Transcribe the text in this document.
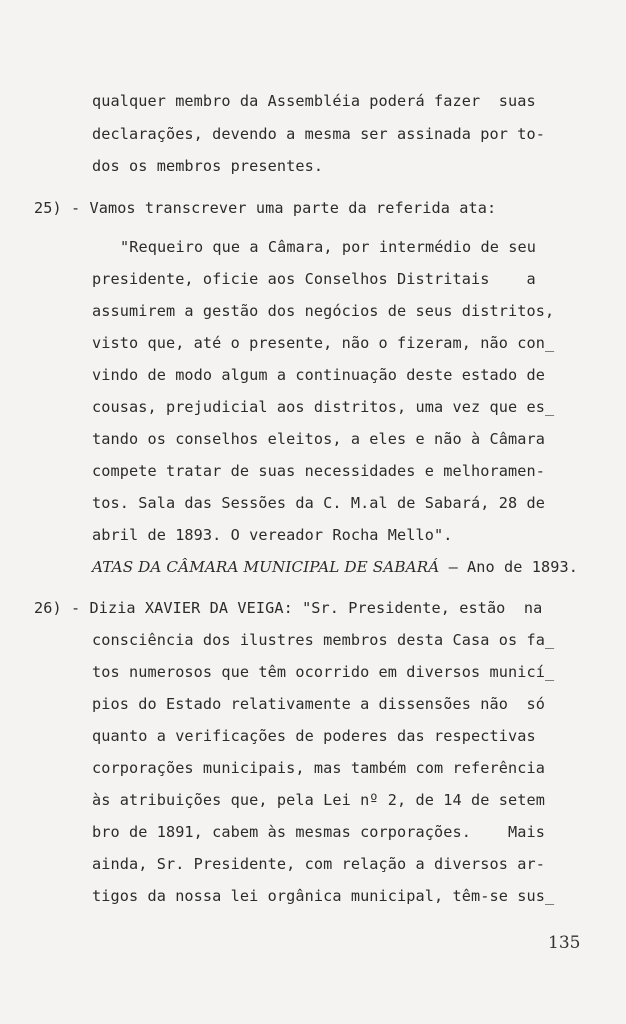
qualquer membro da Assembléia poderá fazer  suas
declarações, devendo a mesma ser assinada por to-
dos os membros presentes.
25) - Vamos transcrever uma parte da referida ata:
"Requeiro que a Câmara, por intermédio de seu
presidente, oficie aos Conselhos Distritais    a
assumirem a gestão dos negócios de seus distritos,
visto que, até o presente, não o fizeram, não con_
vindo de modo algum a continuação deste estado de
cousas, prejudicial aos distritos, uma vez que es_
tando os conselhos eleitos, a eles e não à Câmara
compete tratar de suas necessidades e melhoramen-
tos. Sala das Sessões da C. M.al de Sabará, 28 de
abril de 1893. O vereador Rocha Mello".
ATAS DA CÂMARA MUNICIPAL DE SABARÁ – Ano de 1893.
26) - Dizia XAVIER DA VEIGA: "Sr. Presidente, estão  na
consciência dos ilustres membros desta Casa os fa_
tos numerosos que têm ocorrido em diversos municí_
pios do Estado relativamente a dissensões não  só
quanto a verificações de poderes das respectivas
corporações municipais, mas também com referência
às atribuições que, pela Lei nº 2, de 14 de setem
bro de 1891, cabem às mesmas corporações.    Mais
ainda, Sr. Presidente, com relação a diversos ar-
tigos da nossa lei orgânica municipal, têm-se sus_
135
